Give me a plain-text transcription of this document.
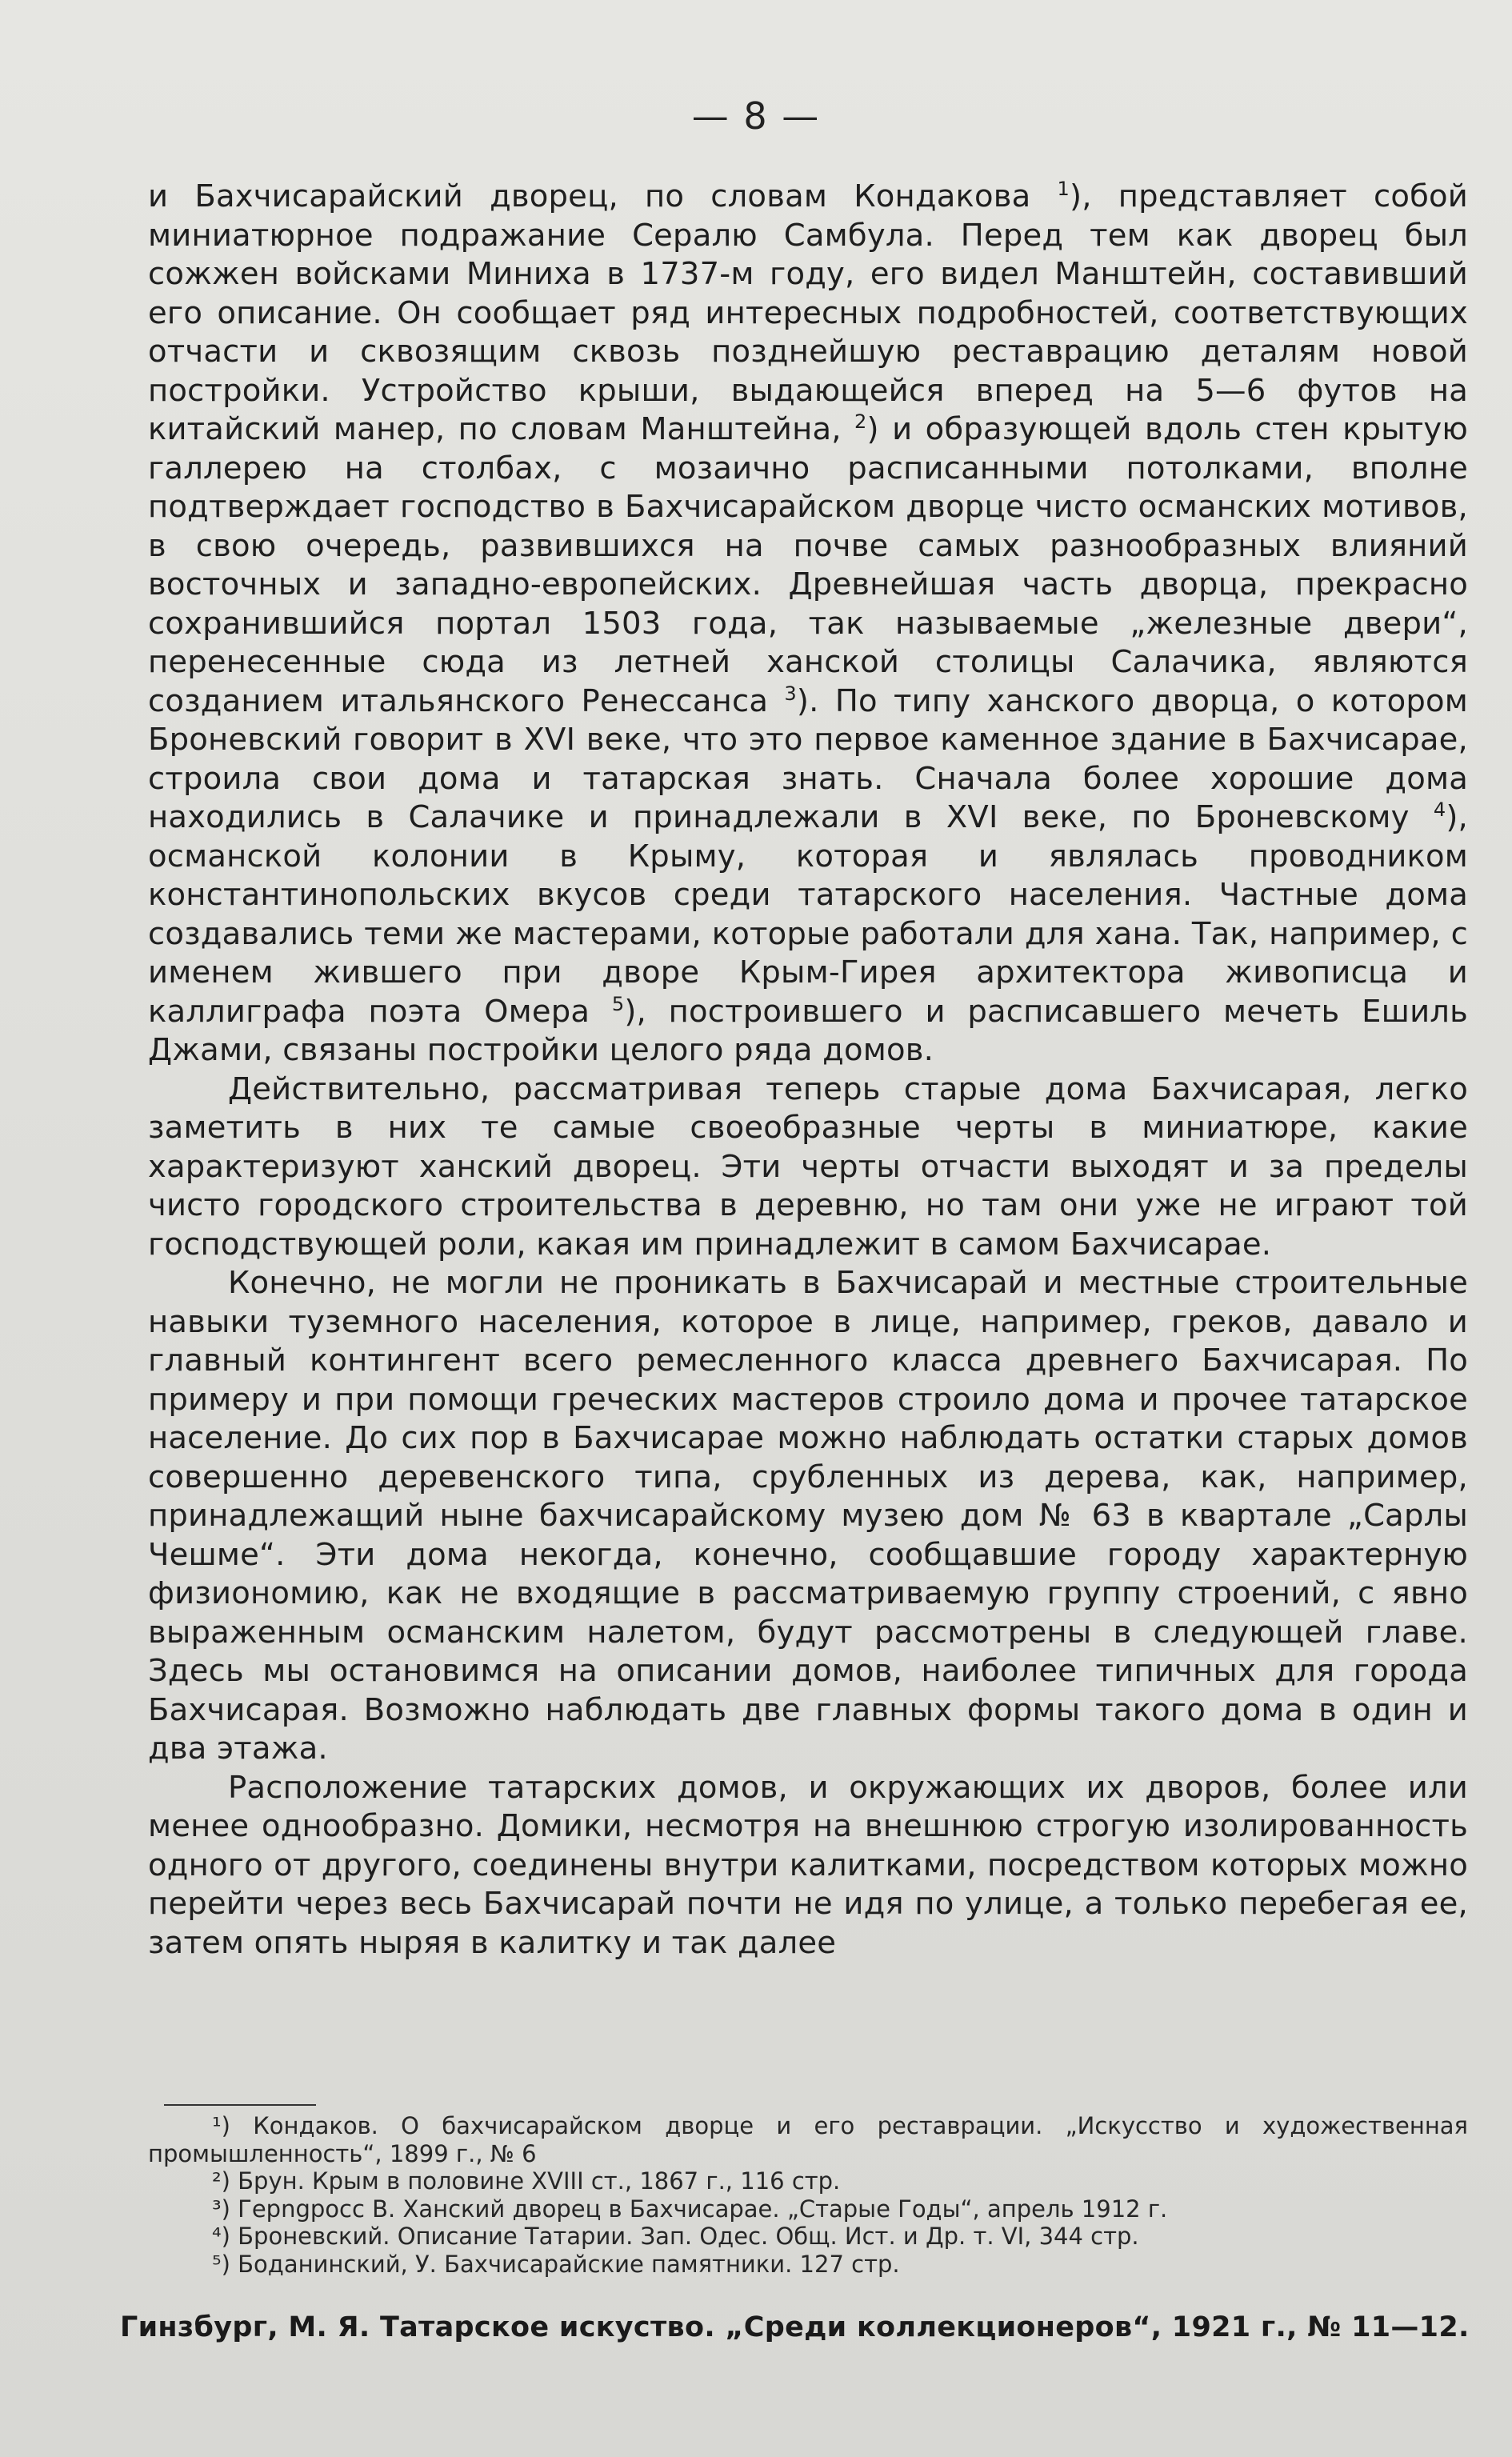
— 8 —

и Бахчисарайский дворец, по словам Кондакова $^1$), представляет собой миниатюрное подражание Сералю Самбула. Перед тем как дворец был сожжен войсками Миниха в 1737-м году, его видел Манштейн, составивший его описание. Он сообщает ряд интересных подробностей, соответствующих отчасти и сквозящим сквозь позднейшую реставрацию деталям новой постройки. Устройство крыши, выдающейся вперед на 5—6 футов на китайский манер, по словам Манштейна, $^2$) и образующей вдоль стен крытую галлерею на столбах, с мозаично расписанными потолками, вполне подтверждает господство в Бахчисарайском дворце чисто османских мотивов, в свою очередь, развившихся на почве самых разнообразных влияний восточных и западно-европейских. Древнейшая часть дворца, прекрасно сохранившийся портал 1503 года, так называемые „железные двери“, перенесенные сюда из летней ханской столицы Салачика, являются созданием итальянского Ренессанса $^3$). По типу ханского дворца, о котором Броневский говорит в XVI веке, что это первое каменное здание в Бахчисарае, строила свои дома и татарская знать. Сначала более хорошие дома находились в Салачике и принадлежали в XVI веке, по Броневскому $^4$), османской колонии в Крыму, которая и являлась проводником константинопольских вкусов среди татарского населения. Частные дома создавались теми же мастерами, которые работали для хана. Так, например, с именем жившего при дворе Крым-Гирея архитектора живописца и каллиграфа поэта Омера $^5$), построившего и расписавшего мечеть Ешиль Джами, связаны постройки целого ряда домов.

Действительно, рассматривая теперь старые дома Бахчисарая, легко заметить в них те самые своеобразные черты в миниатюре, какие характеризуют ханский дворец. Эти черты отчасти выходят и за пределы чисто городского строительства в деревню, но там они уже не играют той господствующей роли, какая им принадлежит в самом Бахчисарае.

Конечно, не могли не проникать в Бахчисарай и местные строительные навыки туземного населения, которое в лице, например, греков, давало и главный контингент всего ремесленного класса древнего Бахчисарая. По примеру и при помощи греческих мастеров строило дома и прочее татарское население. До сих пор в Бахчисарае можно наблюдать остатки старых домов совершенно деревенского типа, срубленных из дерева, как, например, принадлежащий ныне бахчисарайскому музею дом № 63 в квартале „Сарлы Чешме“. Эти дома некогда, конечно, сообщавшие городу характерную физиономию, как не входящие в рассматриваемую группу строений, с явно выраженным османским налетом, будут рассмотрены в следующей главе. Здесь мы остановимся на описании домов, наиболее типичных для города Бахчисарая. Возможно наблюдать две главных формы такого дома в один и два этажа.

Расположение татарских домов, и окружающих их дворов, более или менее однообразно. Домики, несмотря на внешнюю строгую изолированность одного от другого, соединены внутри калитками, посредством которых можно перейти через весь Бахчисарай почти не идя по улице, а только перебегая ее, затем опять ныряя в калитку и так далее

¹) Кондаков. О бахчисарайском дворце и его реставрации. „Искусство и художественная промышленность“, 1899 г., № 6

²) Брун. Крым в половине XVIII ст., 1867 г., 116 стр.

³) Герngросс В. Ханский дворец в Бахчисарае. „Старые Годы“, апрель 1912 г.

⁴) Броневский. Описание Татарии. Зап. Одес. Общ. Ист. и Др. т. VI, 344 стр.

⁵) Боданинский, У. Бахчисарайские памятники. 127 стр.

Гинзбург, М. Я. Татарское искуство. „Среди коллекционеров“, 1921 г., № 11—12.
